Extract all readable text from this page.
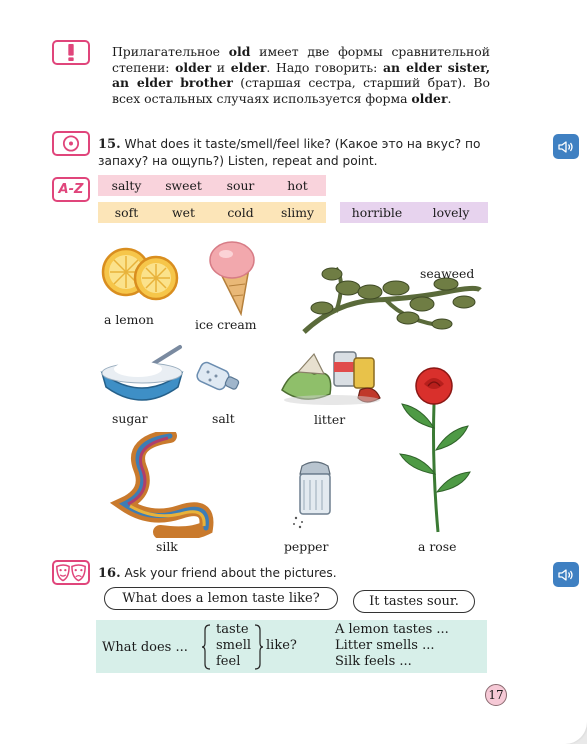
Прилагательное old имеет две формы сравнительной степени: older и elder. Надо говорить: an elder sister, an elder brother (старшая сестра, старший брат). Во всех остальных случаях используется форма older.

15. What does it taste/smell/feel like? (Какое это на вкус? по запаху? на ощупь?) Listen, repeat and point.
A-Z	salty	sweet	sour	hot
soft	wet	cold	slimy	horrible	lovely
a lemon	ice cream
seaweed
sugar	salt	litter
a rose
silk	pepper
16. Ask your friend about the pictures.
What does a lemon taste like?	It tastes sour.
What does ...
taste
smell
feel
like?
A lemon tastes ...
Litter smells ...
Silk feels ...
17
